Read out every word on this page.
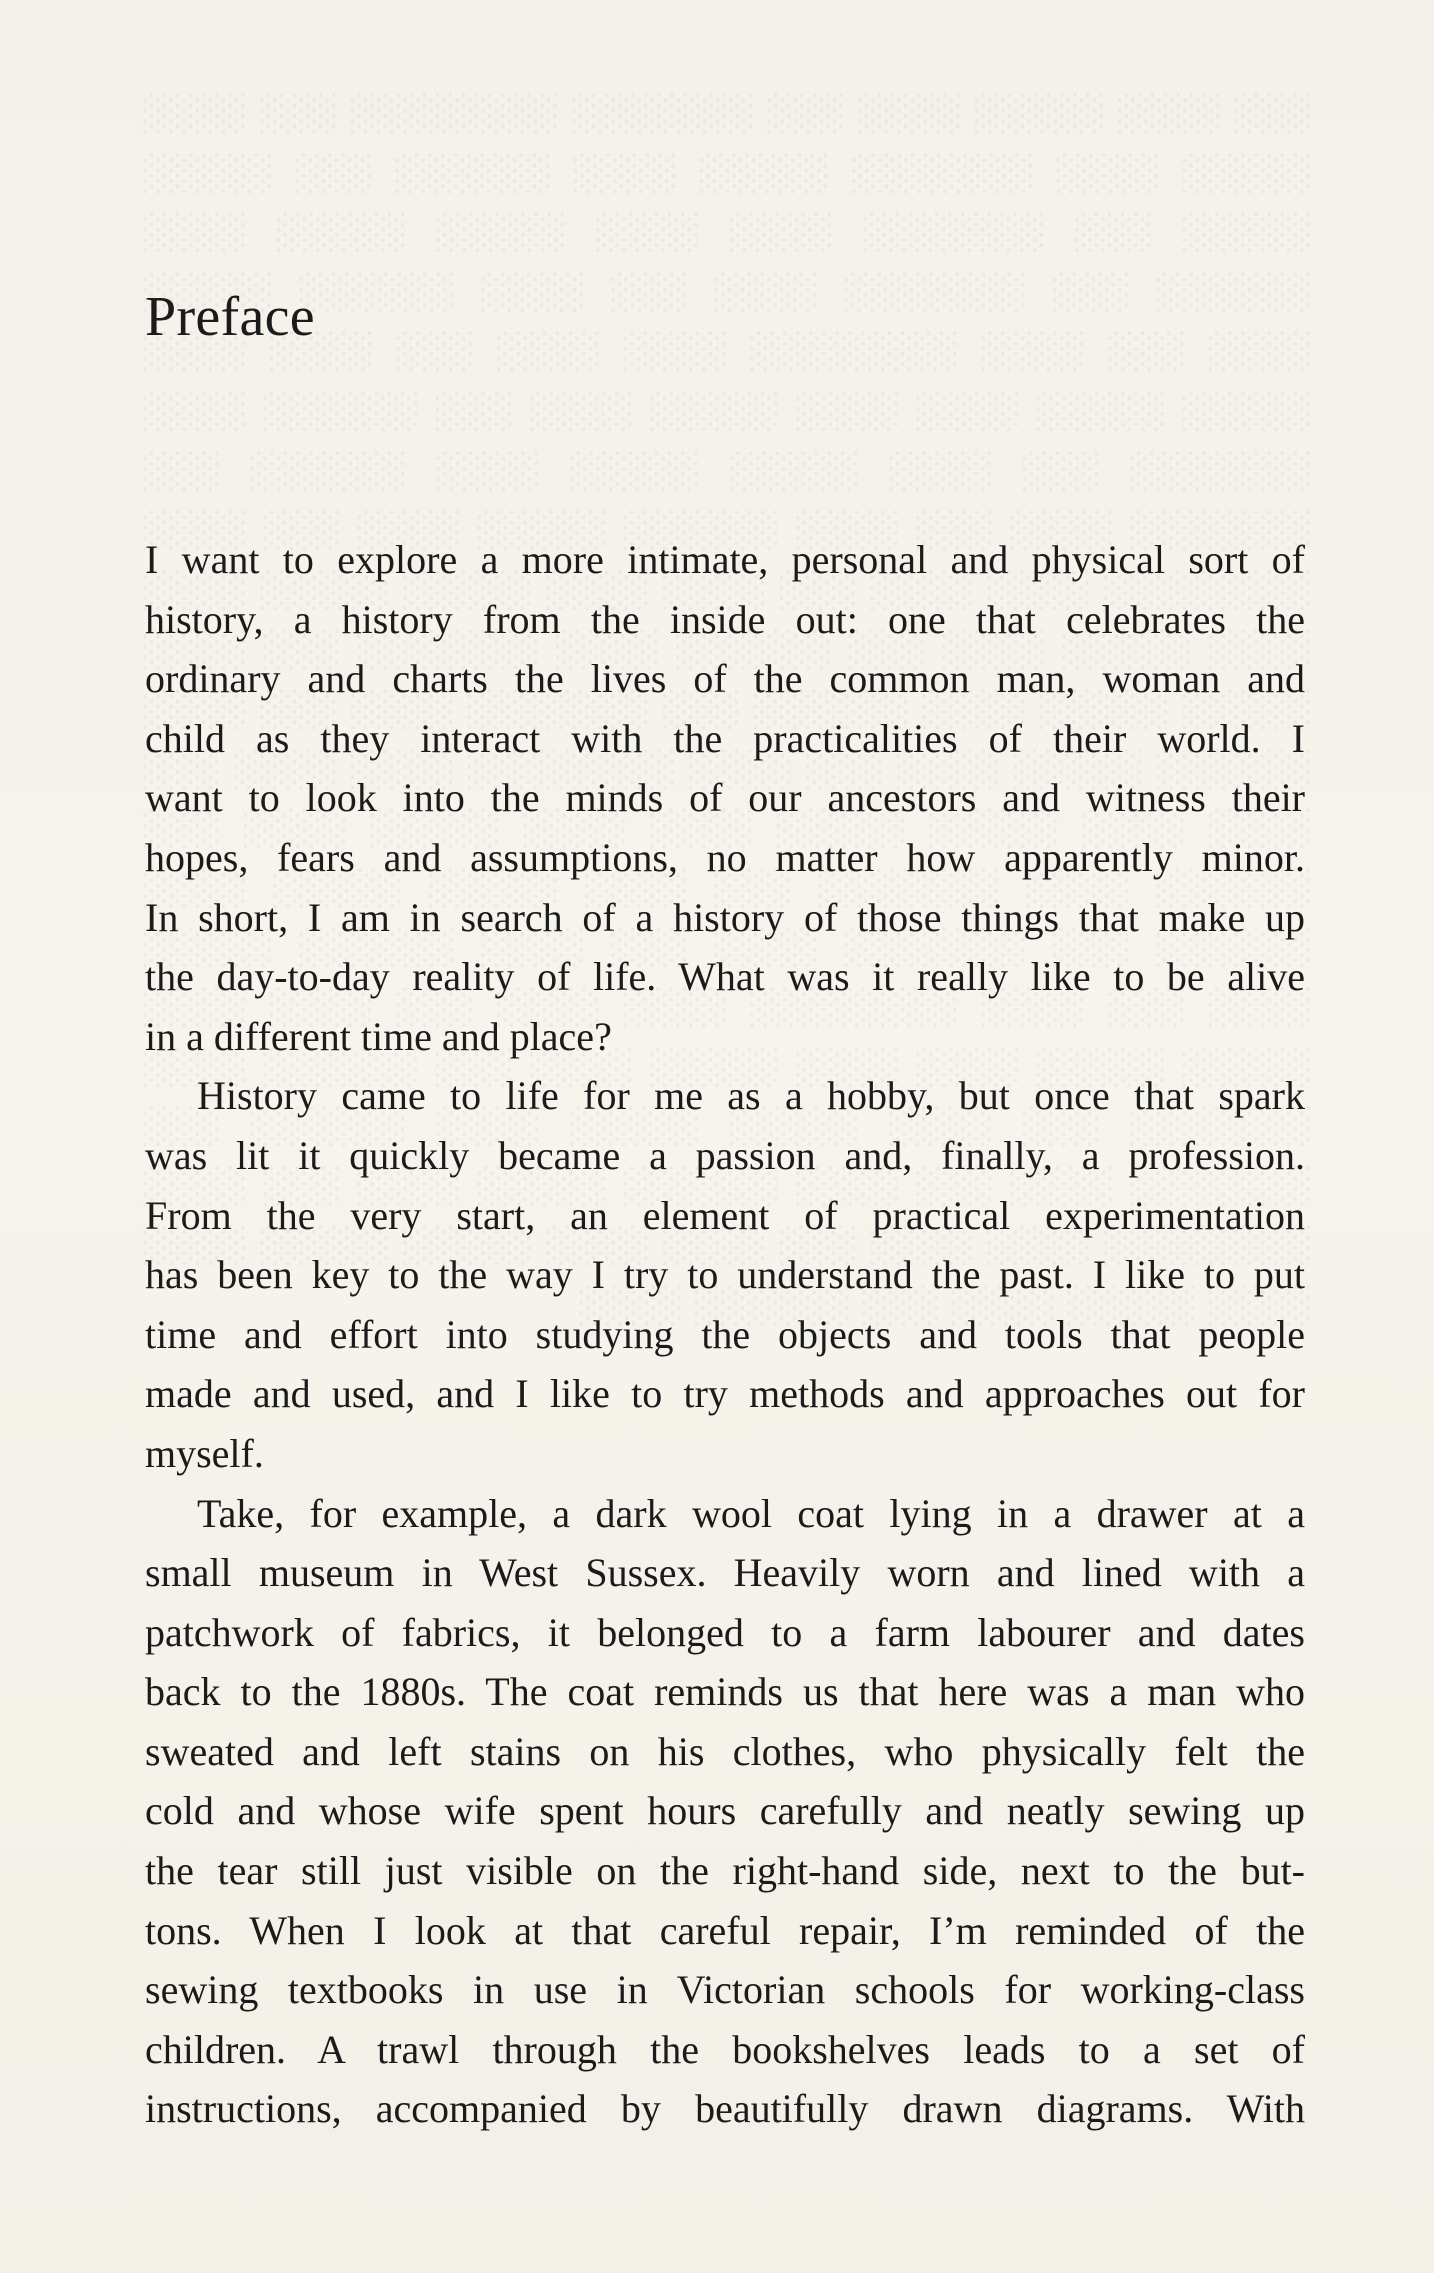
Preface
I want to explore a more intimate, personal and physical sort of
history, a history from the inside out: one that celebrates the
ordinary and charts the lives of the common man, woman and
child as they interact with the practicalities of their world. I
want to look into the minds of our ancestors and witness their
hopes, fears and assumptions, no matter how apparently minor.
In short, I am in search of a history of those things that make up
the day-to-day reality of life. What was it really like to be alive
in a different time and place?
History came to life for me as a hobby, but once that spark
was lit it quickly became a passion and, finally, a profession.
From the very start, an element of practical experimentation
has been key to the way I try to understand the past. I like to put
time and effort into studying the objects and tools that people
made and used, and I like to try methods and approaches out for
myself.
Take, for example, a dark wool coat lying in a drawer at a
small museum in West Sussex. Heavily worn and lined with a
patchwork of fabrics, it belonged to a farm labourer and dates
back to the 1880s. The coat reminds us that here was a man who
sweated and left stains on his clothes, who physically felt the
cold and whose wife spent hours carefully and neatly sewing up
the tear still just visible on the right-hand side, next to the but-
tons. When I look at that careful repair, I’m reminded of the
sewing textbooks in use in Victorian schools for working-class
children. A trawl through the bookshelves leads to a set of
instructions, accompanied by beautifully drawn diagrams. With
